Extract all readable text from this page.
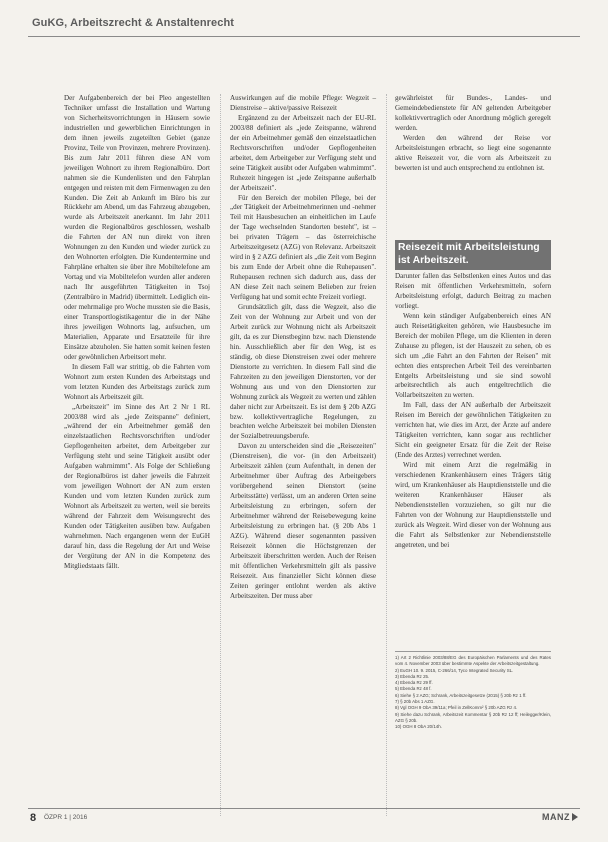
GuKG, Arbeitszrecht & Anstaltenrecht

Der Aufgabenbereich der bei Pleo angestellten Techniker umfasst die Installation und Wartung von Sicherheitsvorrichtungen in Häusern sowie industriellen und gewerblichen Einrichtungen in dem ihnen jeweils zugeteilten Gebiet (ganze Provinz, Teile von Provinzen, mehrere Provinzen). Bis zum Jahr 2011 führen diese AN vom jeweiligen Wohnort zu ihrem Regionalbüro. Dort nahmen sie die Kundenlisten und den Fahrplan entgegen und reisten mit dem Firmenwagen zu den Kunden. Die Zeit ab Ankunft im Büro bis zur Rückkehr am Abend, um das Fahrzeug abzugeben, wurde als Arbeitszeit anerkannt. Im Jahr 2011 wurden die Regionalbüros geschlossen, weshalb die Fahrten der AN nun direkt von ihren Wohnungen zu den Kunden und wieder zurück zu den Wohnorten erfolgten. Die Kundentermine und Fahrpläne erhalten sie über ihre Mobiltelefone am Vortag und via Mobiltelefon wurden aller anderen nach Ihr ausgeführten Tätigkeiten in Tsoj (Zentralbüro in Madrid) übermittelt. Lediglich ein- oder mehrmalige pro Woche mussten sie die Basis, einer Transportlogistikagentur die in der Nähe ihres jeweiligen Wohnorts lag, aufsuchen, um Materialien, Apparate und Ersatzteile für ihre Einsätze abzuholen. Sie hatten somit keinen festen oder gewöhnlichen Arbeitsort mehr.

In diesem Fall war strittig, ob die Fahrten vom Wohnort zum ersten Kunden des Arbeitstags und vom letzten Kunden des Arbeitstags zurück zum Wohnort als Arbeitszeit gilt.

„Arbeitszeit" im Sinne des Art 2 Nr 1 RL 2003/88 wird als „jede Zeitspanne" definiert, „während der ein Arbeitnehmer gemäß den einzelstaatlichen Rechtsvorschriften und/oder Gepflogenheiten arbeitet, dem Arbeitgeber zur Verfügung steht und seine Tätigkeit ausübt oder Aufgaben wahrnimmt". Als Folge der Schließung der Regionalbüros ist daher jeweils die Fahrzeit vom jeweiligen Wohnort der AN zum ersten Kunden und vom letzten Kunden zurück zum Wohnort als Arbeitszeit zu werten, weil sie bereits während der Fahrzeit dem Weisungsrecht des Kunden oder Tätigkeiten ausüben bzw. Aufgaben wahrnehmen. Nach ergangenen wenn der EuGH darauf hin, dass die Regelung der Art und Weise der Vergütung der AN in die Kompetenz des Mitgliedstaats fällt.

Auswirkungen auf die mobile Pflege: Wegzeit – Dienstreise – aktive/passive Reisezeit

Ergänzend zu der Arbeitszeit nach der EU-RL 2003/88 definiert als „jede Zeitspanne, während der ein Arbeitnehmer gemäß den einzelstaatlichen Rechtsvorschriften und/oder Gepflogenheiten arbeitet, dem Arbeitgeber zur Verfügung steht und seine Tätigkeit ausübt oder Aufgaben wahrnimmt". Ruhezeit hingegen ist „jede Zeitspanne außerhalb der Arbeitszeit".

Für den Bereich der mobilen Pflege, bei der „der Tätigkeit der Arbeitnehmerinnen und -nehmer Teil mit Hausbesuchen an einheitlichen im Laufe der Tage wechselnden Standorten besteht", ist – bei privaten Trägern – das österreichische Arbeitszeitgesetz (AZG) von Relevanz. Arbeitszeit wird in § 2 AZG definiert als „die Zeit vom Beginn bis zum Ende der Arbeit ohne die Ruhepausen". Ruhepausen rechnen sich dadurch aus, dass der AN diese Zeit nach seinem Belieben zur freien Verfügung hat und somit echte Freizeit vorliegt.

Grundsätzlich gilt, dass die Wegzeit, also die Zeit von der Wohnung zur Arbeit und von der Arbeit zurück zur Wohnung nicht als Arbeitszeit gilt, da es zur Dienstbeginn bzw. nach Dienstende hin. Ausschließlich aber für den Weg, ist es ständig, ob diese Dienstreisen zwei oder mehrere Dienstorte zu verrichten. In diesem Fall sind die Fahrzeiten zu den jeweiligen Dienstorten, vor der Wohnung aus und von den Dienstorten zur Wohnung zurück als Wegzeit zu werten und zählen daher nicht zur Arbeitszeit. Es ist dem § 20b AZG bzw. kollektivvertragliche Regelungen, zu beachten welche Arbeitszeit bei mobilen Diensten der Sozialbetreuungsberufe.

Davon zu unterscheiden sind die „Reisezeiten" (Dienstreisen), die vor- (in den Arbeitszeit) Arbeitszeit zählen (zum Aufenthalt, in denen der Arbeitnehmer über Auftrag des Arbeitgebers vorübergehend seinen Dienstort (seine Arbeitsstätte) verlässt, um an anderen Orten seine Arbeitsleistung zu erbringen, sofern der Arbeitnehmer während der Reisebewegung keine Arbeitsleistung zu erbringen hat. (§ 20b Abs 1 AZG). Während dieser sogenannten passiven Reisezeit können die Höchstgrenzen der Arbeitszeit überschritten werden. Auch der Reisen mit öffentlichen Verkehrsmitteln gilt als passive Reisezeit. Aus finanzieller Sicht können diese Zeiten geringer entlohnt werden als aktive Arbeitszeiten. Der muss aber

gewährleistet für Bundes-, Landes- und Gemeindebedienstete für AN geltenden Arbeitgeber kollektivvertraglich oder Anordnung möglich geregelt werden.

Werden den während der Reise vor Arbeitsleistungen erbracht, so liegt eine sogenannte aktive Reisezeit vor, die vorn als Arbeitszeit zu bewerten ist und auch entsprechend zu entlohnen ist.

Reisezeit mit Arbeitsleistung ist Arbeitszeit.

Darunter fallen das Selbstlenken eines Autos und das Reisen mit öffentlichen Verkehrsmitteln, sofern Arbeitsleistung erfolgt, dadurch Beitrag zu machen vorliegt.

Wenn kein ständiger Aufgabenbereich eines AN auch Reisetätigkeiten gehören, wie Hausbesuche im Bereich der mobilen Pflege, um die Klienten in deren Zuhause zu pflegen, ist der Hauszeit zu sehen, ob es sich um „die Fahrt an den Fahrten der Reisen" mit echten dies entsprechen Arbeit Teil des vereinbarten Entgelts Arbeitsleistung und sie sind sowohl arbeitsrechtlich als auch entgeltrechtlich die Vollarbeitszeiten zu werten.

Im Fall, dass der AN außerhalb der Arbeitszeit Reisen im Bereich der gewöhnlichen Tätigkeiten zu verrichten hat, wie dies im Arzt, der Ärzte auf andere Tätigkeiten verrichten, kann sogar aus rechtlicher Sicht ein geeigneter Ersatz für die Zeit der Reise (Ende des Arztes) verrechnet werden.

Wird mit einem Arzt die regelmäßig in verschiedenen Krankenhäusern eines Trägers tätig wird, um Krankenhäuser als Hauptdienststelle und die weiteren Krankenhäuser Häuser als Nebendienststellen vorzuziehen, so gilt nur die Fahrten von der Wohnung zur Hauptdienststelle und zurück als Wegzeit. Wird dieser von der Wohnung aus die Fahrt als Selbstlenker zur Nebendienststelle angetreten, und bei

1) Art 2 Richtlinie 2003/88/EG des Europäischen Parlaments und des Rates vom 4. November 2003 über bestimmte Aspekte der Arbeitszeitgestaltung.
2) EuGH 10. 9. 2015, C-266/14, Tyco Integrated Security SL.
3) Ebenda Rz 25.
4) Ebenda Rz 29 ff.
5) Ebenda Rz 48 f.
6) Siehe § 2 AZG; Schrank, Arbeitszeitgesetze (2015) § 20b Rz 1 ff.
7) § 20b Abs 1 AZG.
8) Vgl OGH 9 ObA 39/11a; Pfeil in ZellKomm² § 20b AZG Rz 4.
9) Siehe dazu Schrank, Arbeitszeit Kommentar § 20b Rz 12 ff; Heilegger/Klein, AZG § 20b.
10) OGH 8 ObA 20/14h.
8 ÖZPR 1 | 2016	MANZ
